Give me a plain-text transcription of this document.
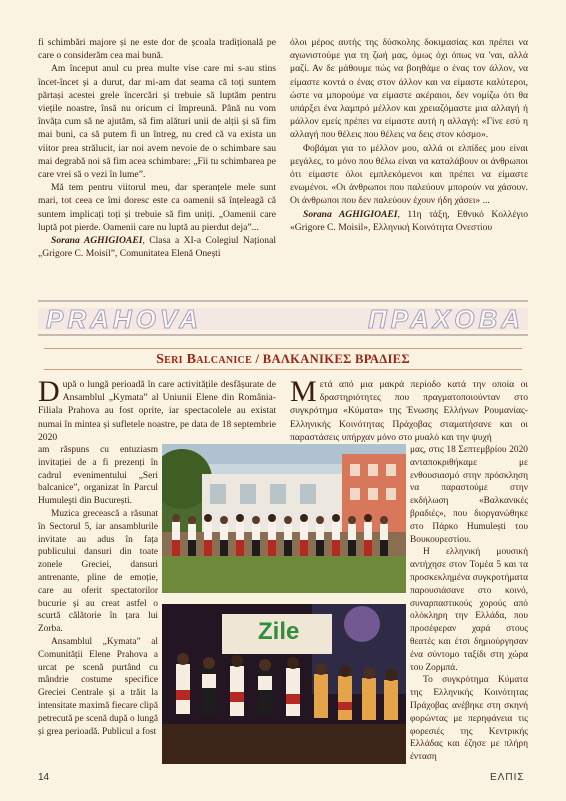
fi schimbări majore și ne este dor de școala tradițională pe care o considerăm cea mai bună.

Am început anul cu prea multe vise care mi s-au stins încet-încet și a durut, dar mi-am dat seama că toți suntem părtași acestei grele încercări și trebuie să luptăm pentru viețile noastre, însă nu oricum ci împreună. Până nu vom învăța cum să ne ajutăm, să fim alături unii de alții și să fim mai buni, ca să putem fi un întreg, nu cred că va exista un viitor prea strălucit, iar noi avem nevoie de o schimbare sau mai degrabă noi să fim acea schimbare: „Fii tu schimbarea pe care vrei să o vezi în lume”.

Mă tem pentru viitorul meu, dar speranțele mele sunt mari, tot ceea ce îmi doresc este ca oamenii să înțeleagă că suntem implicați toți și trebuie să fim uniți. „Oamenii care luptă pot pierde. Oamenii care nu luptă au pierdut deja”...

Sorana AGHIGIOAEI, Clasa a XI-a Colegiul Național „Grigore C. Moisil”, Comunitatea Elenă Onești

όλοι μέρος αυτής της δύσκολης δοκιμασίας και πρέπει να αγωνιστούμε για τη ζωή μας, όμως όχι όπως να 'ναι, αλλά μαζί. Αν δε μάθουμε πώς να βοηθάμε ο ένας τον άλλον, να είμαστε κοντά ο ένας στον άλλον και να είμαστε καλύτεροι, ώστε να μπορούμε να είμαστε ακέραιοι, δεν νομίζω ότι θα υπάρξει ένα λαμπρό μέλλον και χρειαζόμαστε μια αλλαγή ή μάλλον εμείς πρέπει να είμαστε αυτή η αλλαγή: «Γίνε εσύ η αλλαγή που θέλεις που θέλεις να δεις στον κόσμο».

Φοβάμαι για το μέλλον μου, αλλά οι ελπίδες μου είναι μεγάλες, το μόνο που θέλω είναι να καταλάβουν οι άνθρωποι ότι είμαστε όλοι εμπλεκόμενοι και πρέπει να είμαστε ενωμένοι. «Οι άνθρωποι που παλεύουν μπορούν να χάσουν. Οι άνθρωποι που δεν παλεύουν έχουν ήδη χάσει» ...

Sorana AGHIGIOAEI, 11η τάξη, Εθνικό Κολλέγιο «Grigore C. Moisil», Ελληνική Κοινότητα Ονεστίου

PRAHOVA	ΠΡΑΧΟΒΑ
Seri Balcanice / ΒΑΛΚΑΝΙΚΕΣ ΒΡΑΔΙΕΣ

După o lungă perioadă în care activitățile desfășurate de Ansamblul „Kymata” al Uniunii Elene din România-Filiala Prahova au fost oprite, iar spectacolele au existat numai în mintea și sufletele noastre, pe data de 18 septembrie 2020

am răspuns cu entuziasm invitației de a fi prezenți în cadrul evenimentului „Seri balcanice”, organizat în Parcul Humuleşti din București.

Muzica grecească a răsunat în Sectorul 5, iar ansamblurile invitate au adus în fața publicului dansuri din toate zonele Greciei, dansuri antrenante, pline de emoție, care au oferit spectatorilor bucurie și au creat astfel o scurtă călătorie în țara lui Zorba.

Ansamblul „Kymata” al Comunității Elene Prahova a urcat pe scenă purtând cu mândrie costume specifice Greciei Centrale și a trăit la intensitate maximă fiecare clipă petrecută pe scenă după o lungă și grea perioadă. Publicul a fost

Μετά από μια μακρά περίοδο κατά την οποία οι δραστηριότητες που πραγματοποιούνταν στο συγκρότημα «Κύματα» της Ένωσης Ελλήνων Ρουμανίας-Ελληνικής Κοινότητας Πράχοβας σταματήσανε και οι παραστάσεις υπήρχαν μόνο στο μυαλό και την ψυχή

μας, στις 18 Σεπτεμβρίου 2020 ανταποκριθήκαμε με ενθουσιασμό στην πρόσκληση να παραστούμε στην εκδήλωση «Βαλκανικές βραδιές», που διοργανώθηκε στο Πάρκο Humulești του Βουκουρεστίου.

Η ελληνική μουσική αντήχησε στον Τομέα 5 και τα προσκεκλημένα συγκροτήματα παρουσιάσανε στο κοινό, συναρπαστικούς χορούς από ολόκληρη την Ελλάδα, που προσέφεραν χαρά στους θεατές και έτσι δημιούργησαν ένα σύντομο ταξίδι στη χώρα του Ζορμπά.

Το συγκρότημα Κύματα της Ελληνικής Κοινότητας Πράχοβας ανέβηκε στη σκηνή φορώντας με περηφάνεια τις φορεσιές της Κεντρικής Ελλάδας και έζησε με πλήρη ένταση

Zile
14	ΕΛΠΙΣ
